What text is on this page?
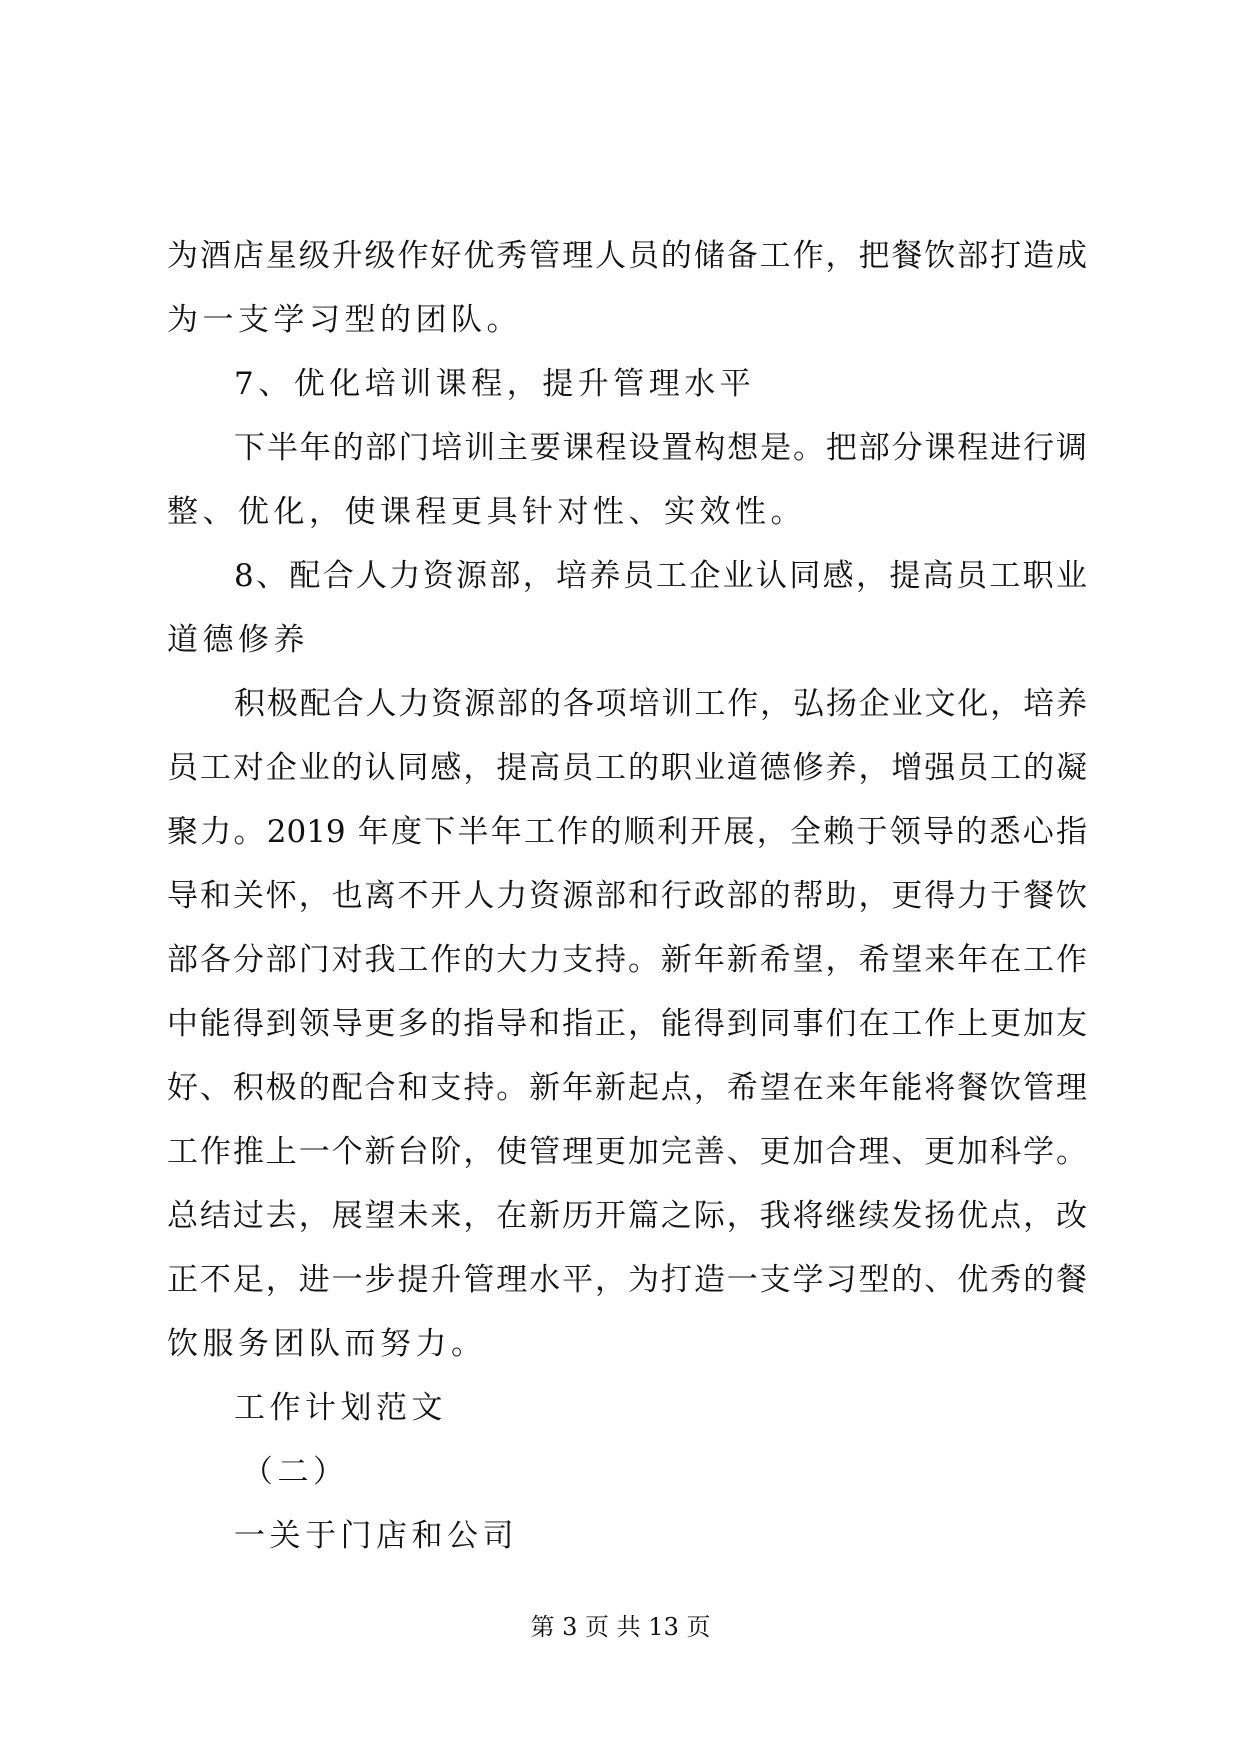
为酒店星级升级作好优秀管理人员的储备工作，把餐饮部打造成
为一支学习型的团队。
7、优化培训课程，提升管理水平
下半年的部门培训主要课程设置构想是。把部分课程进行调
整、优化，使课程更具针对性、实效性。
8、配合人力资源部，培养员工企业认同感，提高员工职业
道德修养
积极配合人力资源部的各项培训工作，弘扬企业文化，培养
员工对企业的认同感，提高员工的职业道德修养，增强员工的凝
聚力。2019 年度下半年工作的顺利开展，全赖于领导的悉心指
导和关怀，也离不开人力资源部和行政部的帮助，更得力于餐饮
部各分部门对我工作的大力支持。新年新希望，希望来年在工作
中能得到领导更多的指导和指正，能得到同事们在工作上更加友
好、积极的配合和支持。新年新起点，希望在来年能将餐饮管理
工作推上一个新台阶，使管理更加完善、更加合理、更加科学。
总结过去，展望未来，在新历开篇之际，我将继续发扬优点，改
正不足，进一步提升管理水平，为打造一支学习型的、优秀的餐
饮服务团队而努力。
工作计划范文
（二）
一关于门店和公司
第 3 页 共 13 页
